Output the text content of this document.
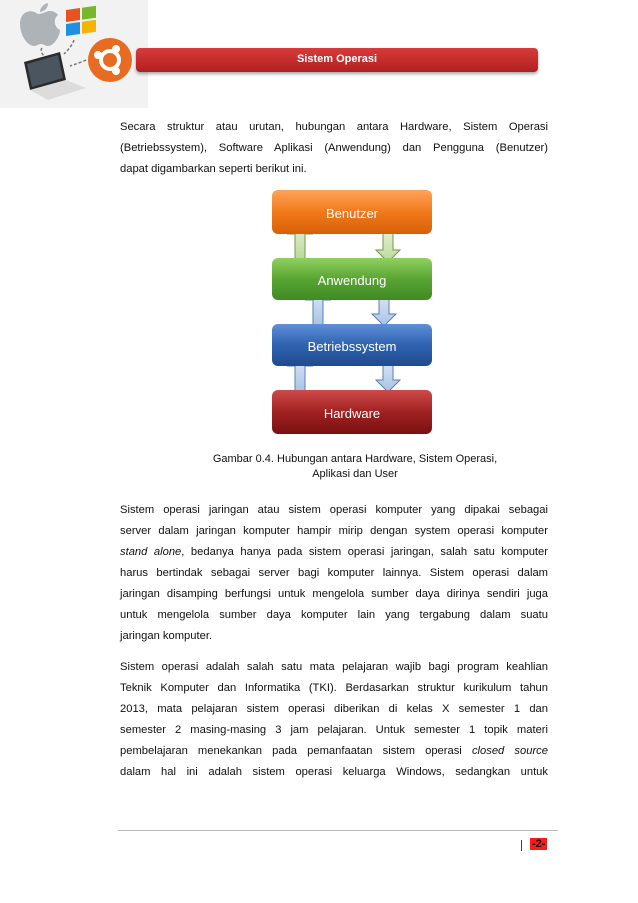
Sistem Operasi
Secara struktur atau urutan, hubungan antara Hardware, Sistem Operasi
(Betriebssystem), Software Aplikasi (Anwendung) dan Pengguna (Benutzer)
dapat digambarkan seperti berikut ini.
Benutzer
Anwendung
Betriebssystem
Hardware
Gambar 0.4. Hubungan antara Hardware, Sistem Operasi,
Aplikasi dan User
Sistem operasi jaringan atau sistem operasi komputer yang dipakai sebagai
server dalam jaringan komputer hampir mirip dengan system operasi komputer
stand alone, bedanya hanya pada sistem operasi jaringan, salah satu komputer
harus bertindak sebagai server bagi komputer lainnya. Sistem operasi dalam
jaringan disamping berfungsi untuk mengelola sumber daya dirinya sendiri juga
untuk mengelola sumber daya komputer lain yang tergabung dalam suatu
jaringan komputer.
Sistem operasi adalah salah satu mata pelajaran wajib bagi program keahlian
Teknik Komputer dan Informatika (TKI). Berdasarkan struktur kurikulum tahun
2013, mata pelajaran sistem operasi diberikan di kelas X semester 1 dan
semester 2 masing-masing 3 jam pelajaran. Untuk semester 1 topik materi
pembelajaran menekankan pada pemanfaatan sistem operasi closed source
dalam hal ini adalah sistem operasi keluarga Windows, sedangkan untuk
-2-
